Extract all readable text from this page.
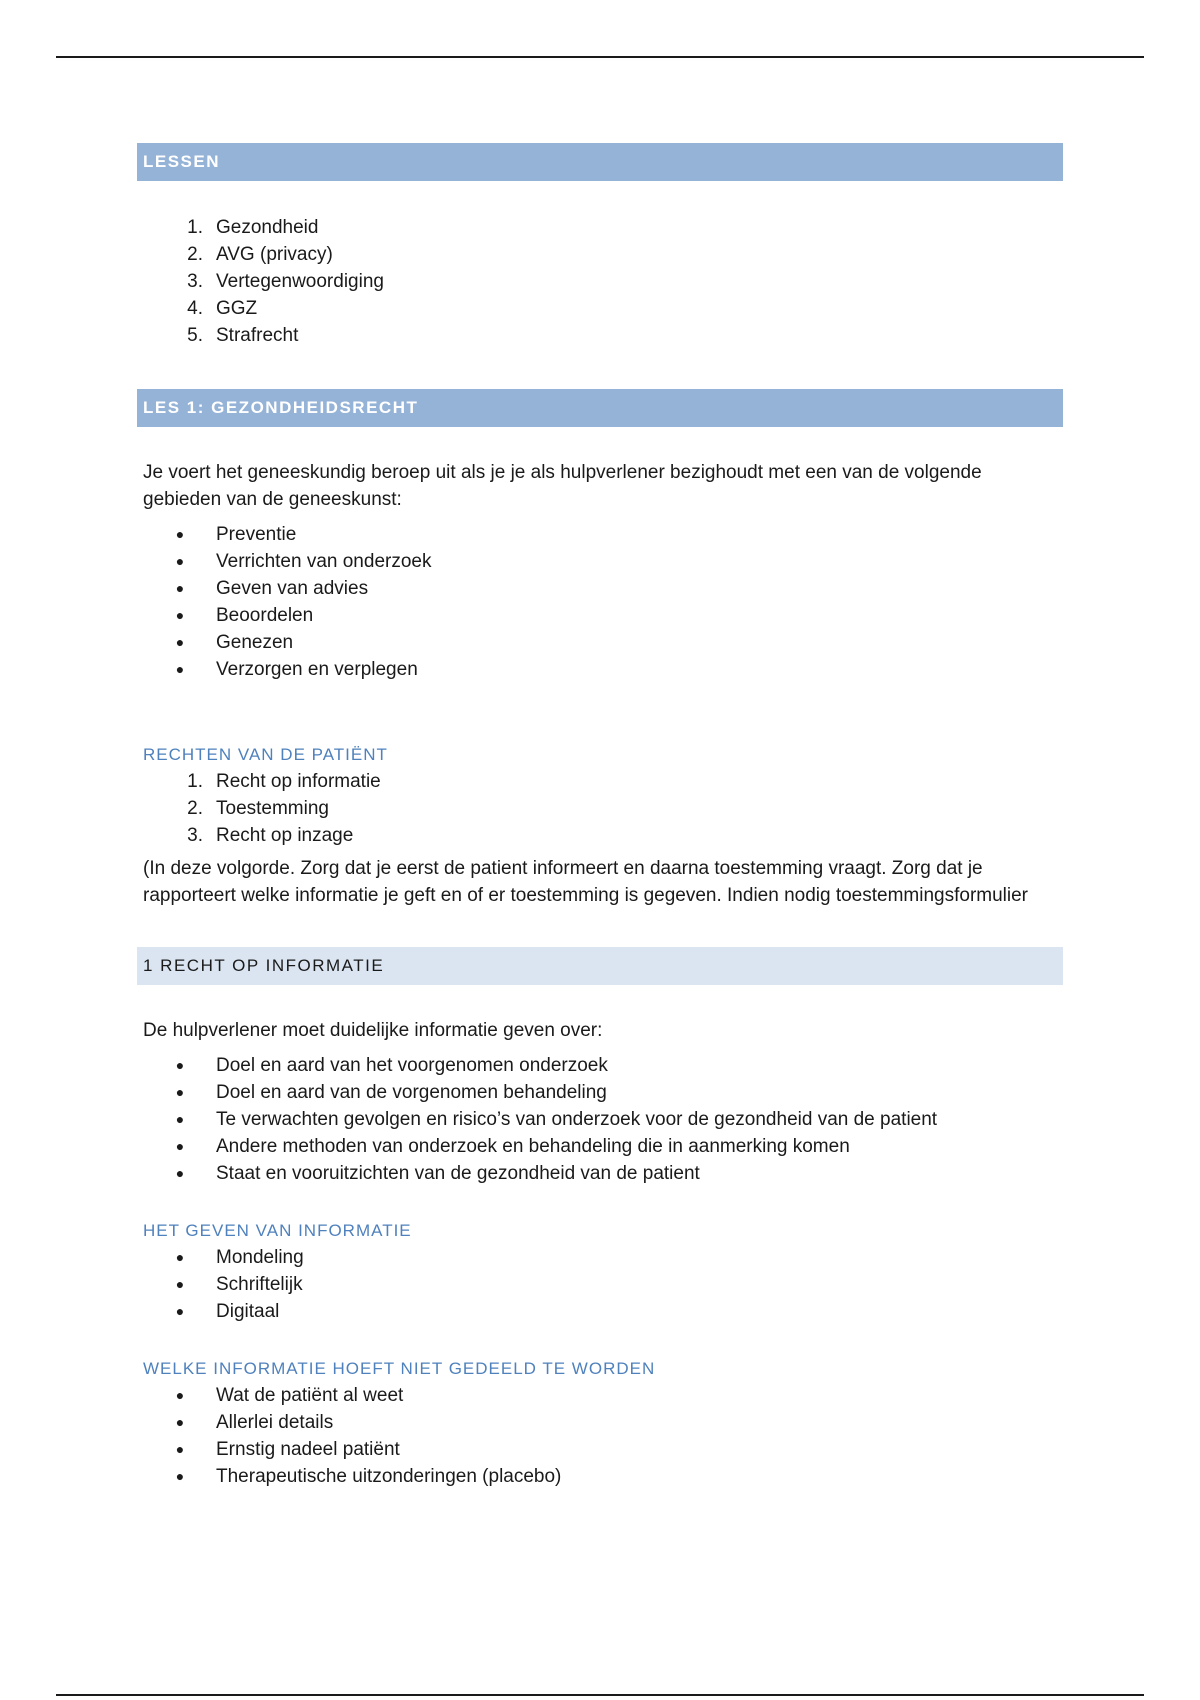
LESSEN
1. Gezondheid
2. AVG (privacy)
3. Vertegenwoordiging
4. GGZ
5. Strafrecht
LES 1: GEZONDHEIDSRECHT
Je voert het geneeskundig beroep uit als je je als hulpverlener bezighoudt met een van de volgende gebieden van de geneeskunst:
● Preventie
● Verrichten van onderzoek
● Geven van advies
● Beoordelen
● Genezen
● Verzorgen en verplegen
RECHTEN VAN DE PATIËNT
1. Recht op informatie
2. Toestemming
3. Recht op inzage
(In deze volgorde. Zorg dat je eerst de patient informeert en daarna toestemming vraagt. Zorg dat je rapporteert welke informatie je geft en of er toestemming is gegeven. Indien nodig toestemmingsformulier
1 RECHT OP INFORMATIE
De hulpverlener moet duidelijke informatie geven over:
● Doel en aard van het voorgenomen onderzoek
● Doel en aard van de vorgenomen behandeling
● Te verwachten gevolgen en risico’s van onderzoek voor de gezondheid van de patient
● Andere methoden van onderzoek en behandeling die in aanmerking komen
● Staat en vooruitzichten van de gezondheid van de patient
HET GEVEN VAN INFORMATIE
● Mondeling
● Schriftelijk
● Digitaal
WELKE INFORMATIE HOEFT NIET GEDEELD TE WORDEN
● Wat de patiënt al weet
● Allerlei details
● Ernstig nadeel patiënt
● Therapeutische uitzonderingen (placebo)
